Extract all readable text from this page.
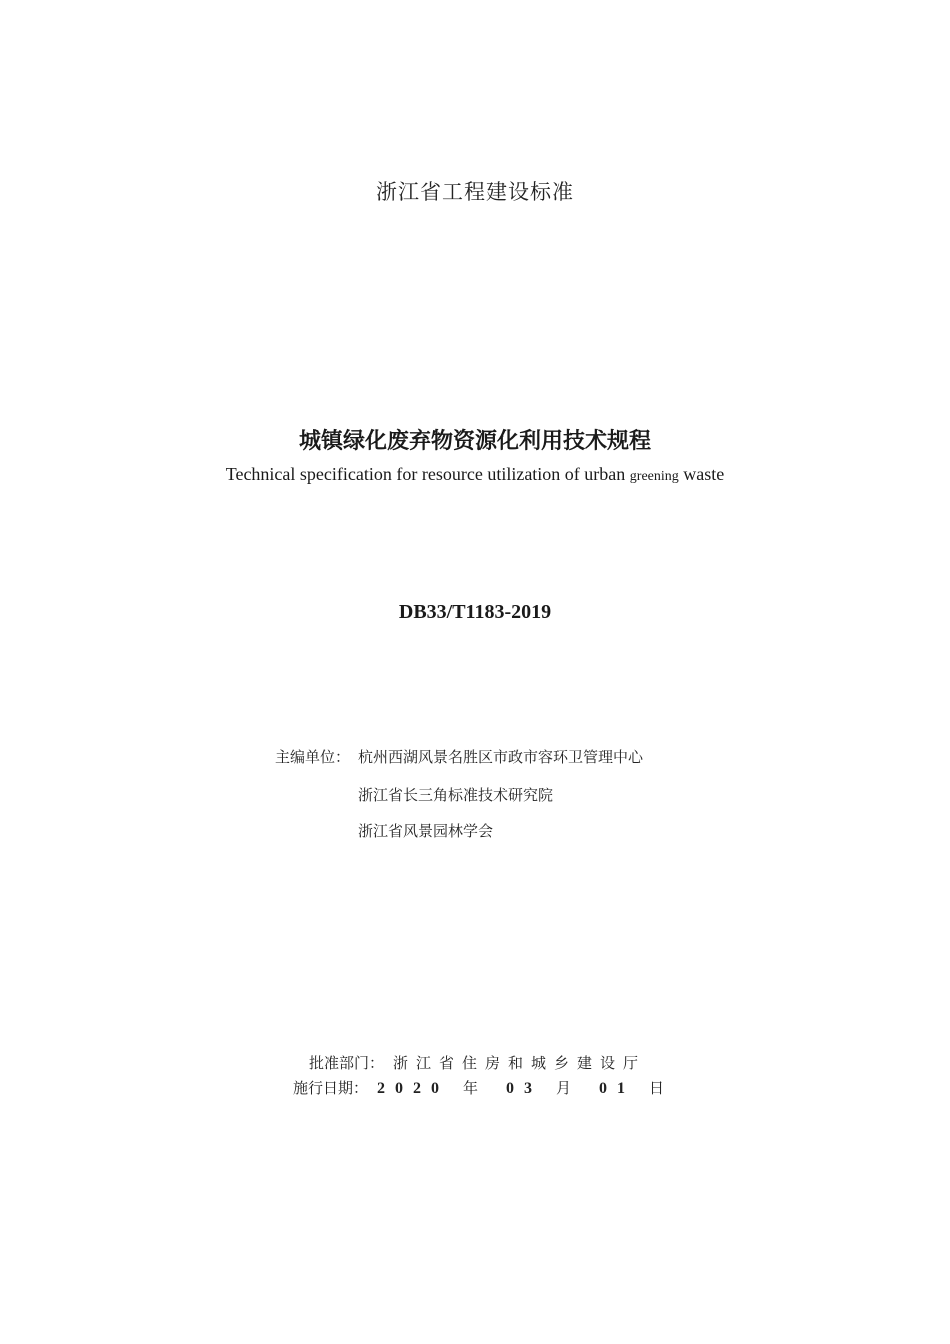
浙江省工程建设标准
城镇绿化废弃物资源化利用技术规程
Technical specification for resource utilization of urban greening waste
DB33/T1183-2019
主编单位： 杭州西湖风景名胜区市政市容环卫管理中心
浙江省长三角标准技术研究院
浙江省风景园林学会
批准部门： 浙江省住房和城乡建设厅
施行日期： 2020 年 03 月 01 日
